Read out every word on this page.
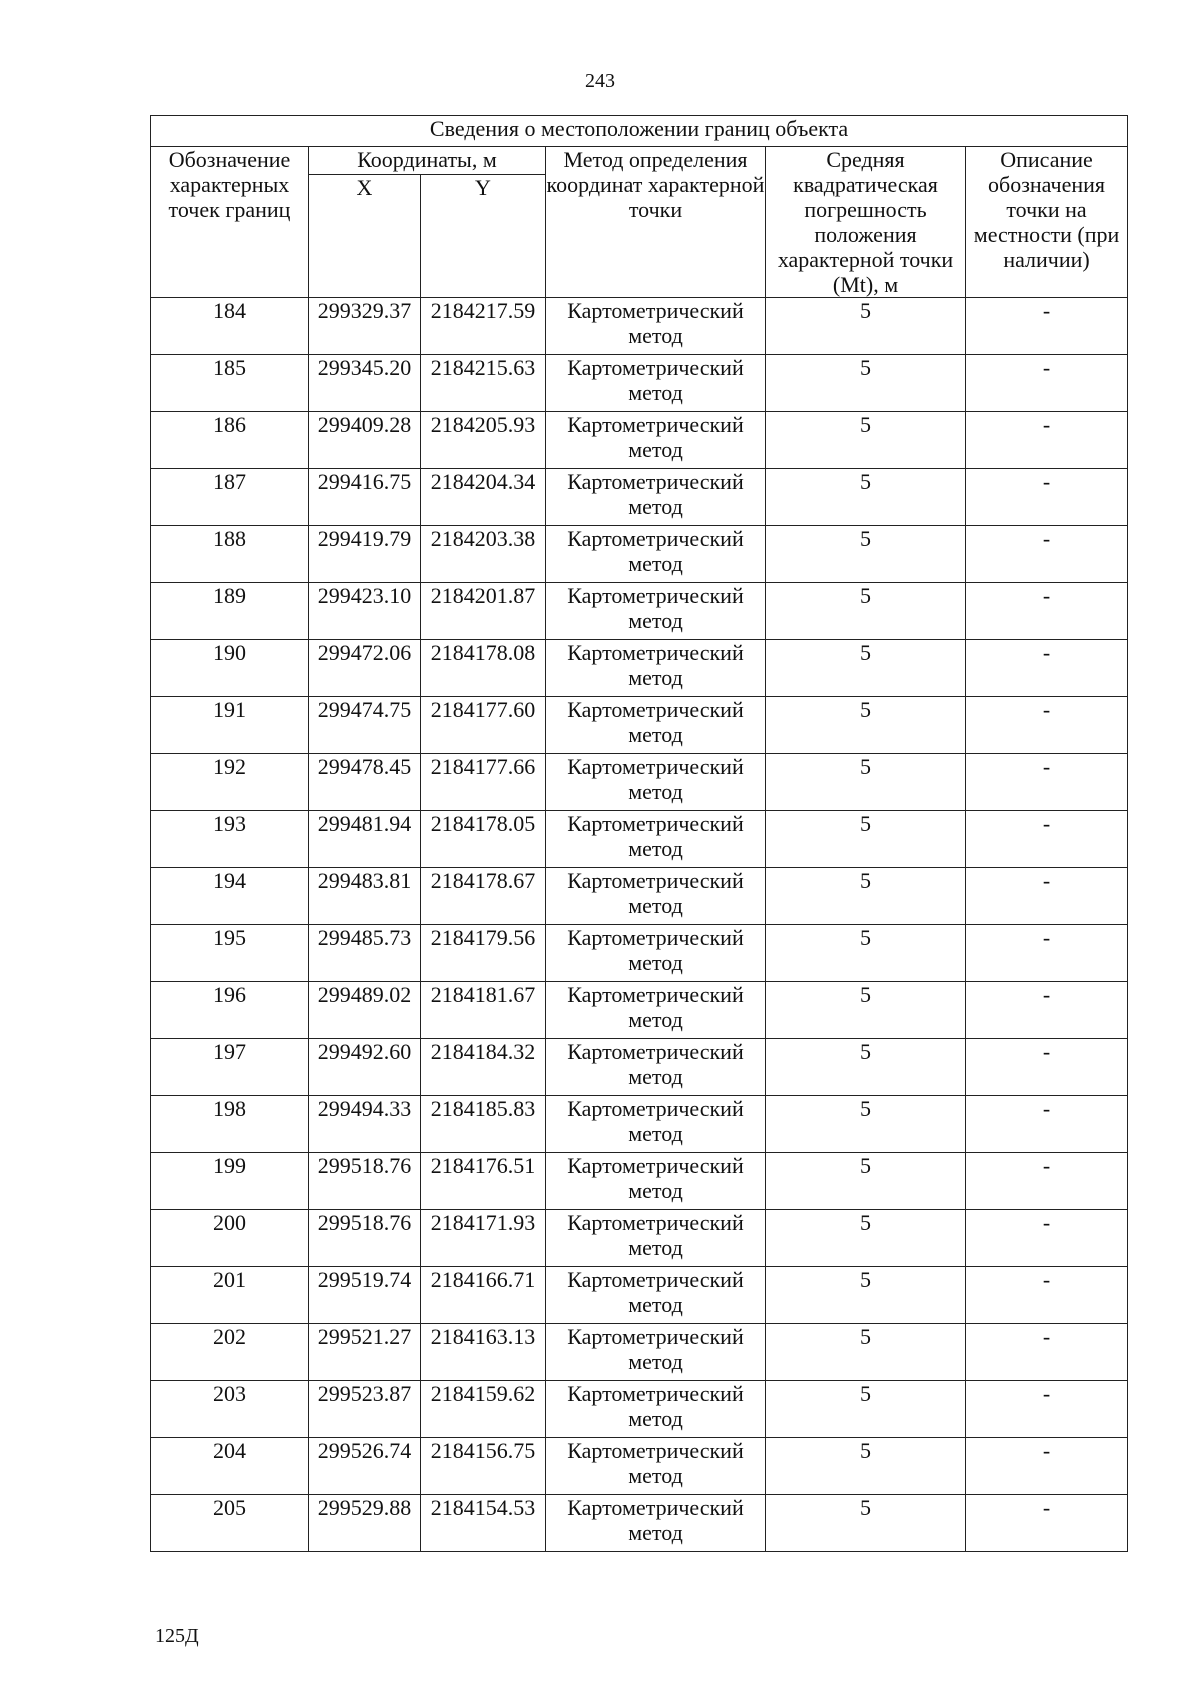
243
Сведения о местоположении границ объекта					
Обозначение характерных точек границ	Координаты, м		Метод определения координат характерной точки	Средняя квадратическая погрешность положения характерной точки (Mt), м	Описание обозначения точки на местности (при наличии)
	X	Y			
184	299329.37	2184217.59	Картометрический метод	5	-
185	299345.20	2184215.63	Картометрический метод	5	-
186	299409.28	2184205.93	Картометрический метод	5	-
187	299416.75	2184204.34	Картометрический метод	5	-
188	299419.79	2184203.38	Картометрический метод	5	-
189	299423.10	2184201.87	Картометрический метод	5	-
190	299472.06	2184178.08	Картометрический метод	5	-
191	299474.75	2184177.60	Картометрический метод	5	-
192	299478.45	2184177.66	Картометрический метод	5	-
193	299481.94	2184178.05	Картометрический метод	5	-
194	299483.81	2184178.67	Картометрический метод	5	-
195	299485.73	2184179.56	Картометрический метод	5	-
196	299489.02	2184181.67	Картометрический метод	5	-
197	299492.60	2184184.32	Картометрический метод	5	-
198	299494.33	2184185.83	Картометрический метод	5	-
199	299518.76	2184176.51	Картометрический метод	5	-
200	299518.76	2184171.93	Картометрический метод	5	-
201	299519.74	2184166.71	Картометрический метод	5	-
202	299521.27	2184163.13	Картометрический метод	5	-
203	299523.87	2184159.62	Картометрический метод	5	-
204	299526.74	2184156.75	Картометрический метод	5	-
205	299529.88	2184154.53	Картометрический метод	5	-
125Д
